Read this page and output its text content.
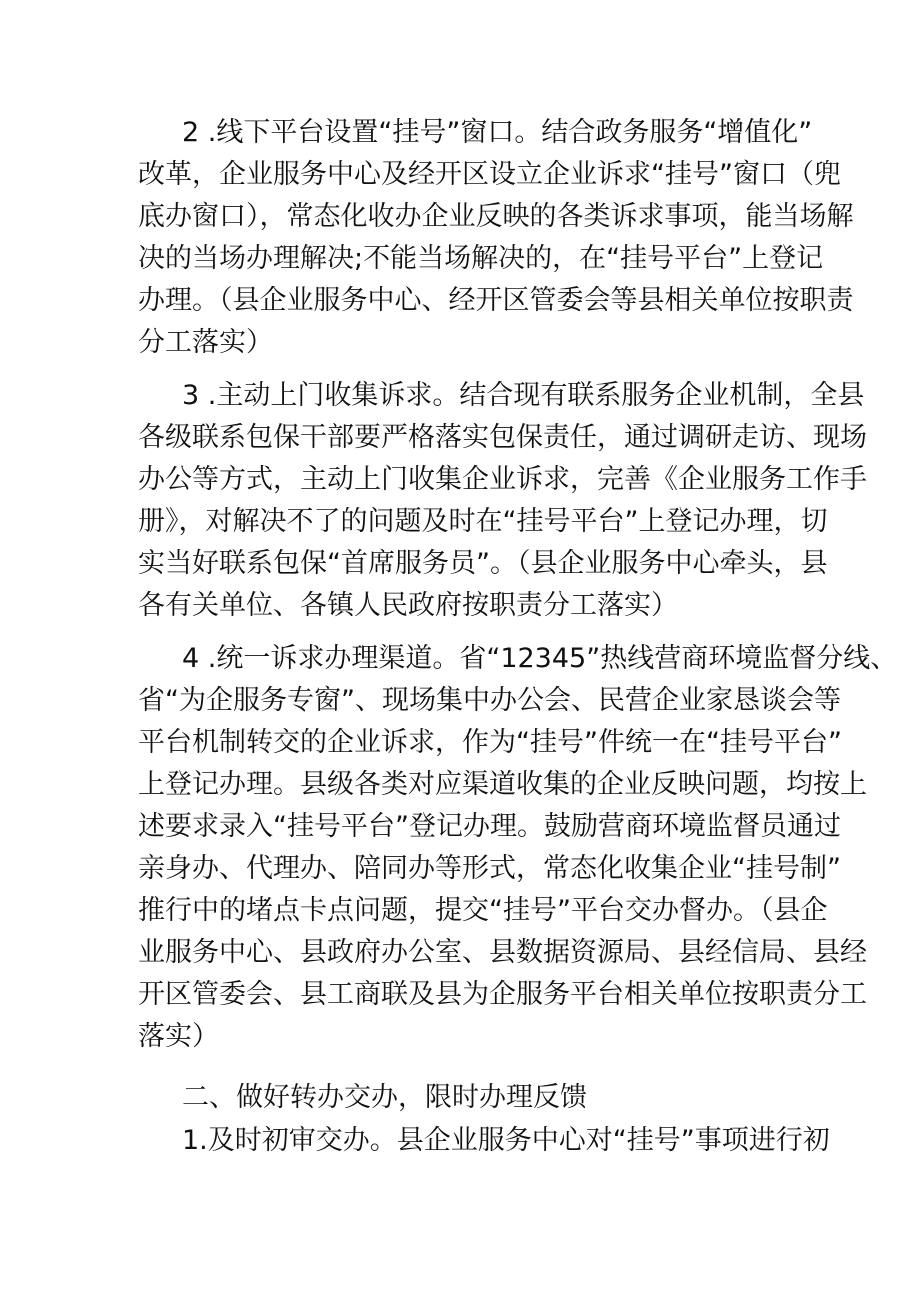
2 .线下平台设置“挂号”窗口。结合政务服务“增值化”
改革，企业服务中心及经开区设立企业诉求“挂号”窗口（兜
底办窗口），常态化收办企业反映的各类诉求事项，能当场解
决的当场办理解决;不能当场解决的，在“挂号平台”上登记
办理。（县企业服务中心、经开区管委会等县相关单位按职责
分工落实）
3 .主动上门收集诉求。结合现有联系服务企业机制，全县
各级联系包保干部要严格落实包保责任，通过调研走访、现场
办公等方式，主动上门收集企业诉求，完善《企业服务工作手
册》，对解决不了的问题及时在“挂号平台”上登记办理，切
实当好联系包保“首席服务员”。（县企业服务中心牵头，县
各有关单位、各镇人民政府按职责分工落实）
4 .统一诉求办理渠道。省“12345”热线营商环境监督分线、
省“为企服务专窗”、现场集中办公会、民营企业家恳谈会等
平台机制转交的企业诉求，作为“挂号”件统一在“挂号平台”
上登记办理。县级各类对应渠道收集的企业反映问题，均按上
述要求录入“挂号平台”登记办理。鼓励营商环境监督员通过
亲身办、代理办、陪同办等形式，常态化收集企业“挂号制”
推行中的堵点卡点问题，提交“挂号”平台交办督办。（县企
业服务中心、县政府办公室、县数据资源局、县经信局、县经
开区管委会、县工商联及县为企服务平台相关单位按职责分工
落实）
二、做好转办交办，限时办理反馈
1.及时初审交办。县企业服务中心对“挂号”事项进行初
